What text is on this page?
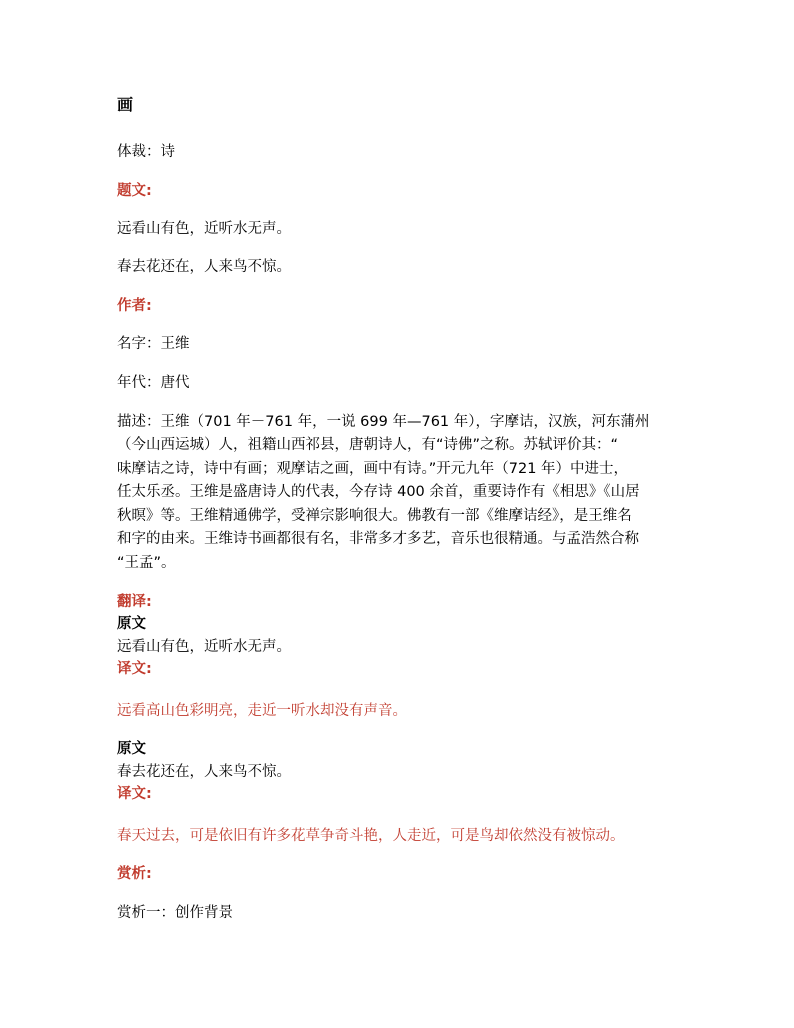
画
体裁：诗
题文:
远看山有色，近听水无声。
春去花还在，人来鸟不惊。
作者:
名字：王维
年代：唐代
描述：王维（701 年－761 年，一说 699 年—761 年），字摩诘，汉族，河东蒲州
（今山西运城）人，祖籍山西祁县，唐朝诗人，有“诗佛”之称。苏轼评价其：“
味摩诘之诗，诗中有画；观摩诘之画，画中有诗。”开元九年（721 年）中进士，
任太乐丞。王维是盛唐诗人的代表，今存诗 400 余首，重要诗作有《相思》《山居
秋暝》等。王维精通佛学，受禅宗影响很大。佛教有一部《维摩诘经》，是王维名
和字的由来。王维诗书画都很有名，非常多才多艺，音乐也很精通。与孟浩然合称
“王孟”。
翻译:
原文
远看山有色，近听水无声。
译文:
远看高山色彩明亮，走近一听水却没有声音。
原文
春去花还在，人来鸟不惊。
译文:
春天过去，可是依旧有许多花草争奇斗艳，人走近，可是鸟却依然没有被惊动。
赏析:
赏析一：创作背景
